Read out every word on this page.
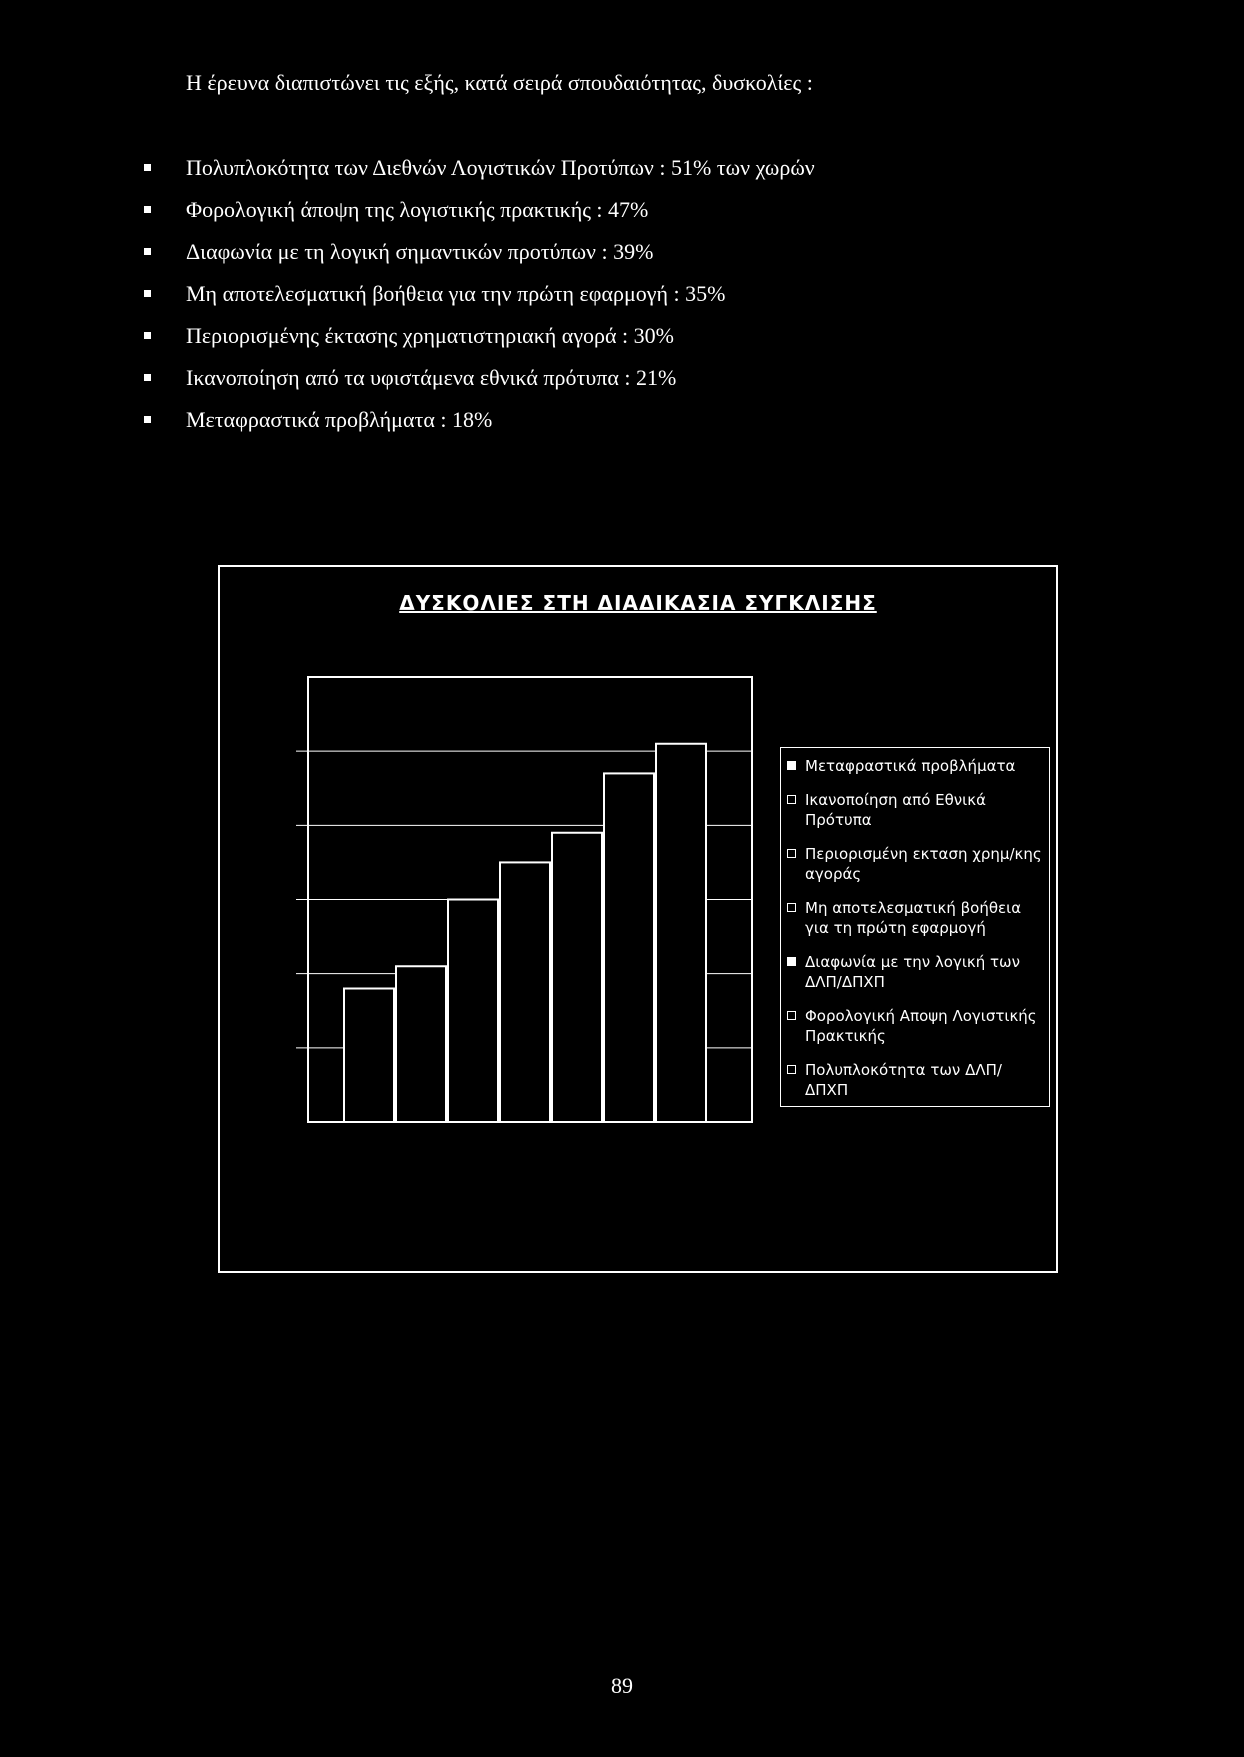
Η έρευνα διαπιστώνει τις εξής, κατά σειρά σπουδαιότητας, δυσκολίες :

Πολυπλοκότητα των Διεθνών Λογιστικών Προτύπων : 51% των χωρών
Φορολογική άποψη της λογιστικής πρακτικής : 47%
Διαφωνία με τη λογική σημαντικών προτύπων : 39%
Μη αποτελεσματική βοήθεια για την πρώτη εφαρμογή : 35%
Περιορισμένης έκτασης χρηματιστηριακή αγορά : 30%
Ικανοποίηση από τα υφιστάμενα εθνικά πρότυπα : 21%
Μεταφραστικά προβλήματα : 18%

ΔΥΣΚΟΛΙΕΣ ΣΤΗ ΔΙΑΔΙΚΑΣΙΑ ΣΥΓΚΛΙΣΗΣ

Μεταφραστικά προβλήματα
Ικανοποίηση από Εθνικά Πρότυπα
Περιορισμένη εκταση χρημ/κης αγοράς
Μη αποτελεσματική βοήθεια για τη πρώτη εφαρμογή
Διαφωνία με την λογική των ΔΛΠ/ΔΠΧΠ
Φορολογική Αποψη Λογιστικής Πρακτικής
Πολυπλοκότητα των ΔΛΠ/ΔΠΧΠ
89
